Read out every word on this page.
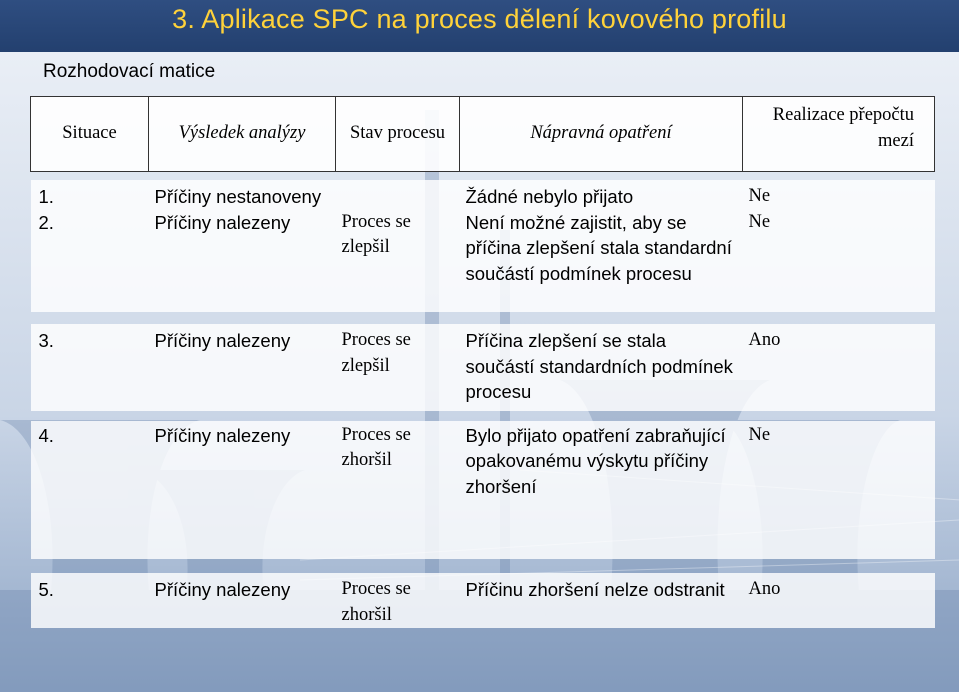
3. Aplikace SPC na proces dělení kovového profilu
Rozhodovací matice
Situace	Výsledek analýzy	Stav procesu	Nápravná opatření	Realizace přepočtu mezí

1.	Příčiny nestanoveny		Žádné nebylo přijato	Ne
2.	Příčiny nalezeny	Proces se zlepšil	Není možné zajistit, aby se příčina zlepšení stala standardní součástí podmínek procesu	Ne

3.	Příčiny nalezeny	Proces se zlepšil	Příčina zlepšení se stala součástí standardních podmínek procesu	Ano

4.	Příčiny nalezeny	Proces se zhoršil	Bylo přijato opatření zabraňující opakovanému výskytu příčiny zhoršení	Ne

5.	Příčiny nalezeny	Proces se zhoršil	Příčinu zhoršení nelze odstranit	Ano
